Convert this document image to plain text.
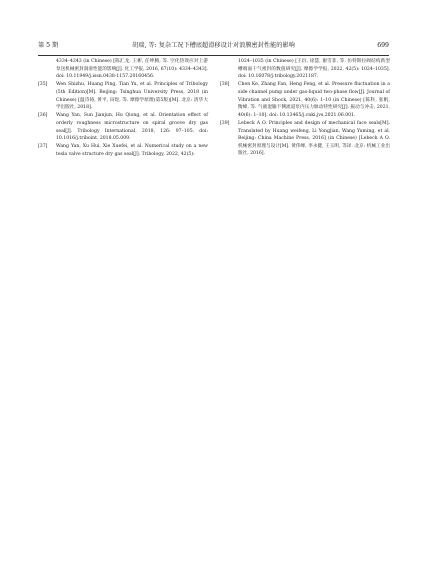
第 5 期	胡瑞, 等: 复杂工况下槽底超滑移设计对浪膜密封性能的影响	699
4334–4343 (in Chinese) [陈汇龙, 王彬, 任坤腾, 等. 空化热效应对上游泵送机械密封润滑性能的影响[J]. 化工学报, 2016, 67(10): 4334–4343]. doi: 10.11949/j.issn.0438-1157.20160456.
[35] Wen Shizhu, Huang Ping, Tian Yu, et al. Principles of Tribology (5th Edition)[M]. Beijing: Tsinghua University Press, 2018 (in Chinese) [温诗铸, 黄平, 田煜, 等. 摩擦学原理(第5版)[M]. 北京: 清华大学出版社, 2018].
[36] Wang Yan, Sun Jianjun, Hu Qiong, et al. Orientation effect of orderly roughness microstructure on spiral groove dry gas seal[J]. Tribology International, 2018, 126: 97–105. doi: 10.1016/j.triboint. 2018.05.009.
[37] Wang Yan, Xu Hui, Xie Xuefei, et al. Numerical study on a new tesla valve structure dry gas seal[J]. Tribology, 2022, 42(5):
1024–1035 (in Chinese) [王衍, 徐慧, 谢雪菲, 等. 仿特斯拉阀结构新型槽端面干气密封的数值研究[J]. 摩擦学学报, 2022, 42(5): 1024–1035]. doi: 10.16078/j.tribology.2021187.
[38] Chen Ke, Zhang Fan, Heng Feng, et al. Pressure fluctuation in a side channel pump under gas-liquid two-phase flow[J]. Journal of Vibration and Shock, 2021, 40(6): 1–10 (in Chinese) [陈科, 张帆, 衡峰, 等. 气液混输下侧流道泵内压力脉动特性研究[J]. 振动与冲击, 2021, 40(6): 1–10]. doi: 10.13465/j.cnki.jvs.2021.06.001.
[39] Lebeck A O. Principles and design of mechanical face seals[M]. Translated by Huang weifeng, Li Yongjian, Wang Yuming, et al. Beijing: China Machine Press, 2016] (in Chinese) [Lebeck A O. 机械密封原理与设计[M]. 黄伟峰, 李永健, 王玉明, 等译. 北京: 机械工业出版社, 2016].
